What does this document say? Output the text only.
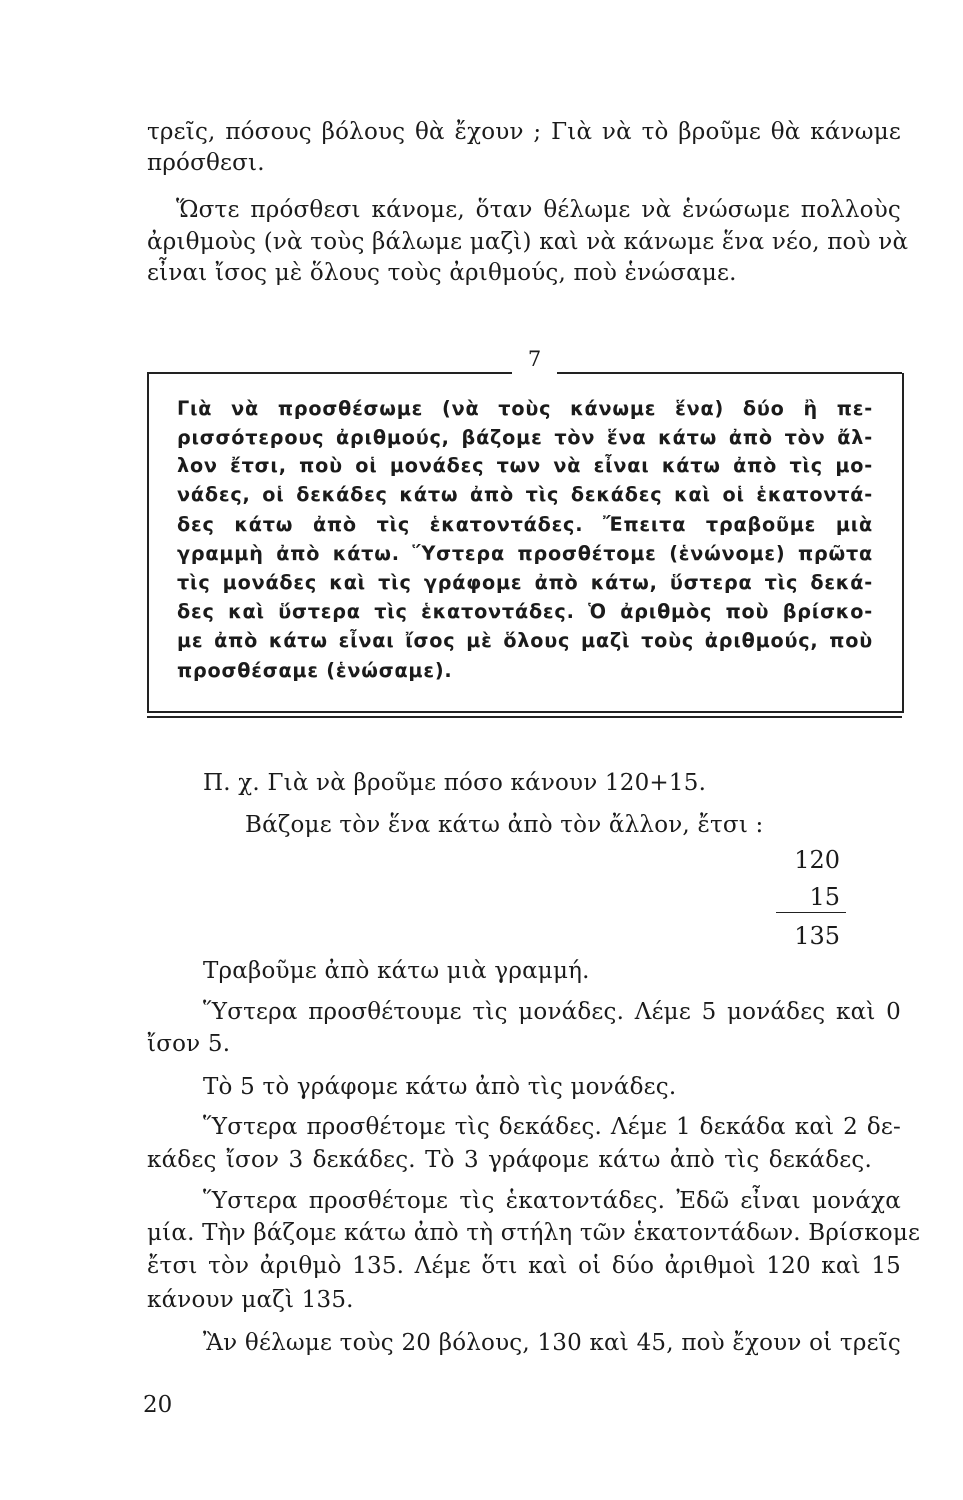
τρεῖς, πόσους βόλους θὰ ἔχουν ; Γιὰ νὰ τὸ βροῦμε θὰ κάνωμε

πρόσθεσι.

Ὥστε πρόσθεσι κάνομε, ὅταν θέλωμε νὰ ἑνώσωμε πολλοὺς

ἀριθμοὺς (νὰ τοὺς βάλωμε μαζὶ) καὶ νὰ κάνωμε ἕνα νέο, ποὺ νὰ

εἶναι ἴσος μὲ ὅλους τοὺς ἀριθμούς, ποὺ ἑνώσαμε.

7

Γιὰ νὰ προσθέσωμε (νὰ τοὺς κάνωμε ἕνα) δύο ἢ πε-

ρισσότερους ἀριθμούς, βάζομε τὸν ἕνα κάτω ἀπὸ τὸν ἄλ-

λον ἔτσι, ποὺ οἱ μονάδες των νὰ εἶναι κάτω ἀπὸ τὶς μο-

νάδες, οἱ δεκάδες κάτω ἀπὸ τὶς δεκάδες καὶ οἱ ἑκατοντά-

δες κάτω ἀπὸ τὶς ἑκατοντάδες. Ἔπειτα τραβοῦμε μιὰ

γραμμὴ ἀπὸ κάτω. Ὕστερα προσθέτομε (ἑνώνομε) πρῶτα

τὶς μονάδες καὶ τὶς γράφομε ἀπὸ κάτω, ὕστερα τὶς δεκά-

δες καὶ ὕστερα τὶς ἑκατοντάδες. Ὁ ἀριθμὸς ποὺ βρίσκο-

με ἀπὸ κάτω εἶναι ἴσος μὲ ὅλους μαζὶ τοὺς ἀριθμούς, ποὺ

προσθέσαμε (ἑνώσαμε).

Π. χ. Γιὰ νὰ βροῦμε πόσο κάνουν 120+15.

Βάζομε τὸν ἕνα κάτω ἀπὸ τὸν ἄλλον, ἔτσι :

120

15

135

Τραβοῦμε ἀπὸ κάτω μιὰ γραμμή.

Ὕστερα προσθέτουμε τὶς μονάδες. Λέμε 5 μονάδες καὶ 0

ἴσον 5.

Τὸ 5 τὸ γράφομε κάτω ἀπὸ τὶς μονάδες.

Ὕστερα προσθέτομε τὶς δεκάδες. Λέμε 1 δεκάδα καὶ 2 δε-

κάδες ἴσον 3 δεκάδες. Τὸ 3 γράφομε κάτω ἀπὸ τὶς δεκάδες.

Ὕστερα προσθέτομε τὶς ἑκατοντάδες. Ἐδῶ εἶναι μονάχα

μία. Τὴν βάζομε κάτω ἀπὸ τὴ στήλη τῶν ἑκατοντάδων. Βρίσκομε

ἔτσι τὸν ἀριθμὸ 135. Λέμε ὅτι καὶ οἱ δύο ἀριθμοὶ 120 καὶ 15

κάνουν μαζὶ 135.

Ἂν θέλωμε τοὺς 20 βόλους, 130 καὶ 45, ποὺ ἔχουν οἱ τρεῖς

20
